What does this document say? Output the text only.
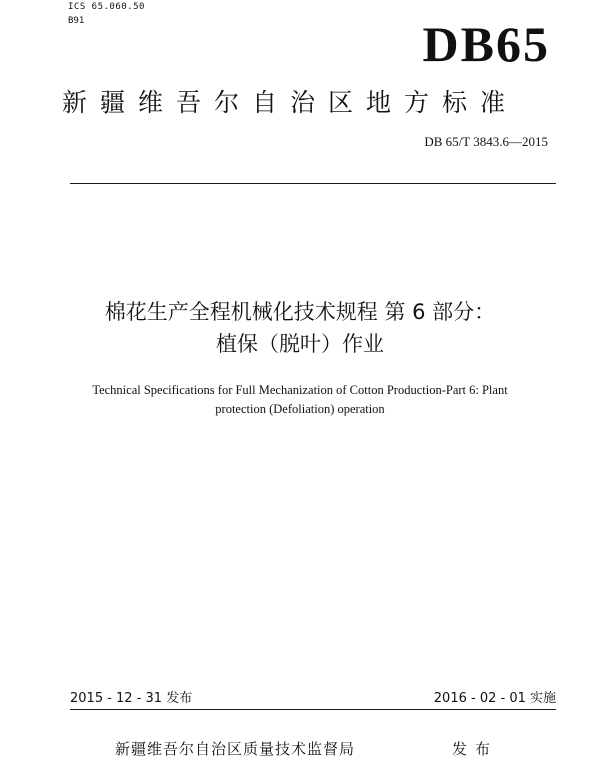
ICS 65.060.50
B91	DB65
新疆维吾尔自治区地方标准
DB 65/T 3843.6—2015
棉花生产全程机械化技术规程 第 6 部分：
植保（脱叶）作业
Technical Specifications for Full Mechanization of Cotton Production-Part 6: Plant
protection (Defoliation) operation
2015 - 12 - 31 发布	2016 - 02 - 01 实施
新疆维吾尔自治区质量技术监督局	发布
